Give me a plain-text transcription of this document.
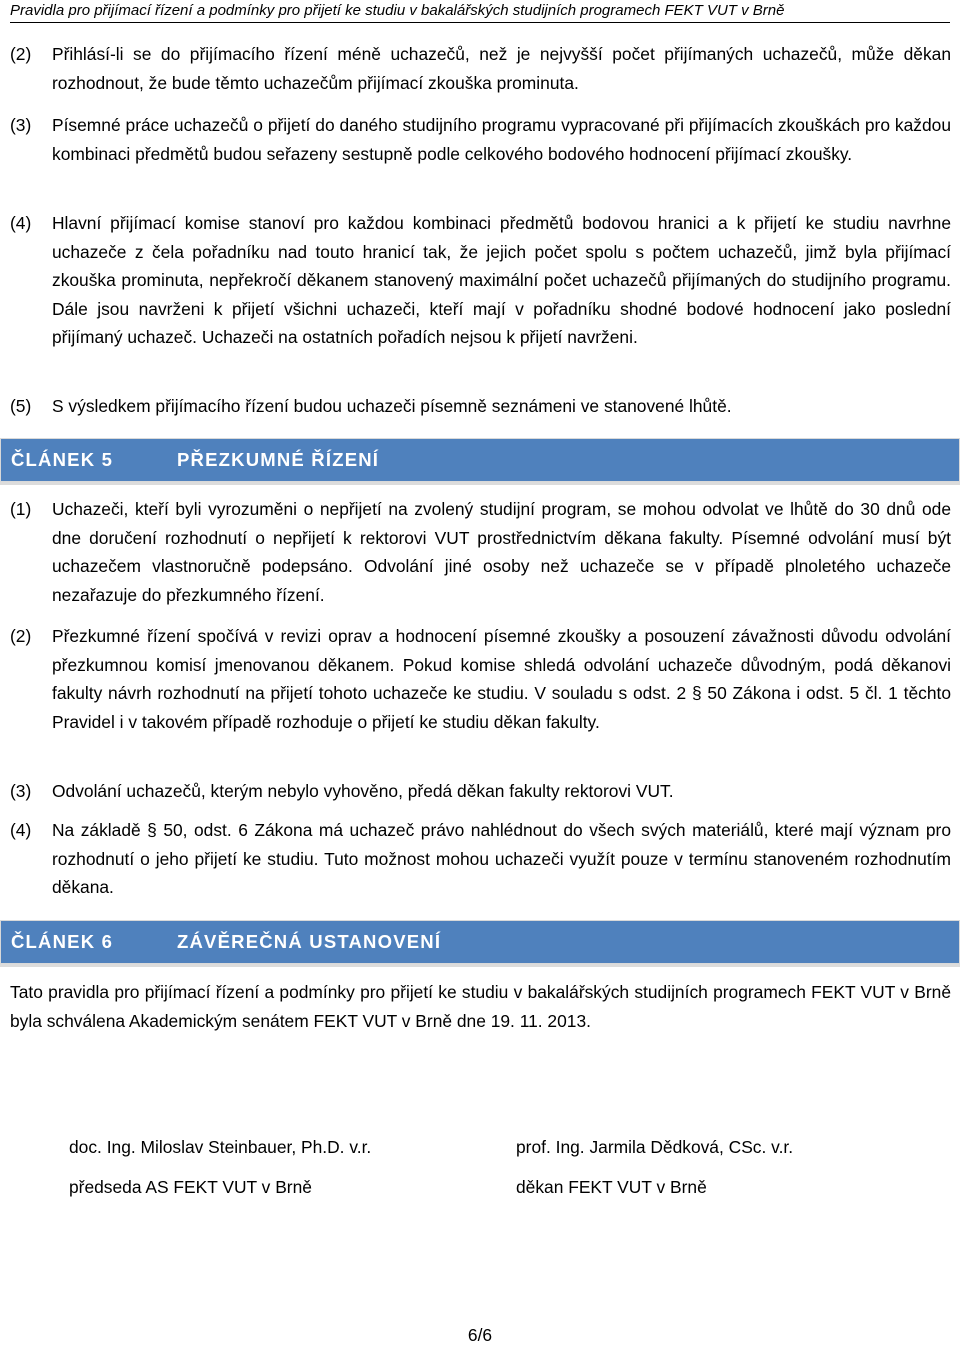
Pravidla pro přijímací řízení a podmínky pro přijetí ke studiu v bakalářských studijních programech FEKT VUT v Brně
(2) Přihlásí-li se do přijímacího řízení méně uchazečů, než je nejvyšší počet přijímaných uchazečů, může děkan rozhodnout, že bude těmto uchazečům přijímací zkouška prominuta.
(3) Písemné práce uchazečů o přijetí do daného studijního programu vypracované při přijímacích zkouškách pro každou kombinaci předmětů budou seřazeny sestupně podle celkového bodového hodnocení přijímací zkoušky.
(4) Hlavní přijímací komise stanoví pro každou kombinaci předmětů bodovou hranici a k přijetí ke studiu navrhne uchazeče z čela pořadníku nad touto hranicí tak, že jejich počet spolu s počtem uchazečů, jimž byla přijímací zkouška prominuta, nepřekročí děkanem stanovený maximální počet uchazečů přijímaných do studijního programu. Dále jsou navrženi k přijetí všichni uchazeči, kteří mají v pořadníku shodné bodové hodnocení jako poslední přijímaný uchazeč. Uchazeči na ostatních pořadích nejsou k přijetí navrženi.
(5) S výsledkem přijímacího řízení budou uchazeči písemně seznámeni ve stanovené lhůtě.
ČLÁNEK 5	PŘEZKUMNÉ ŘÍZENÍ
(1) Uchazeči, kteří byli vyrozuměni o nepřijetí na zvolený studijní program, se mohou odvolat ve lhůtě do 30 dnů ode dne doručení rozhodnutí o nepřijetí k rektorovi VUT prostřednictvím děkana fakulty. Písemné odvolání musí být uchazečem vlastnoručně podepsáno. Odvolání jiné osoby než uchazeče se v případě plnoletého uchazeče nezařazuje do přezkumného řízení.
(2) Přezkumné řízení spočívá v revizi oprav a hodnocení písemné zkoušky a posouzení závažnosti důvodu odvolání přezkumnou komisí jmenovanou děkanem. Pokud komise shledá odvolání uchazeče důvodným, podá děkanovi fakulty návrh rozhodnutí na přijetí tohoto uchazeče ke studiu. V souladu s odst. 2 § 50 Zákona i odst. 5 čl. 1 těchto Pravidel i v takovém případě rozhoduje o přijetí ke studiu děkan fakulty.
(3) Odvolání uchazečů, kterým nebylo vyhověno, předá děkan fakulty rektorovi VUT.
(4) Na základě § 50, odst. 6 Zákona má uchazeč právo nahlédnout do všech svých materiálů, které mají význam pro rozhodnutí o jeho přijetí ke studiu. Tuto možnost mohou uchazeči využít pouze v termínu stanoveném rozhodnutím děkana.
ČLÁNEK 6	ZÁVĚREČNÁ USTANOVENÍ
Tato pravidla pro přijímací řízení a podmínky pro přijetí ke studiu v bakalářských studijních programech FEKT VUT v Brně byla schválena Akademickým senátem FEKT VUT v Brně dne 19. 11. 2013.
doc. Ing. Miloslav Steinbauer, Ph.D. v.r.
předseda AS FEKT VUT v Brně
prof. Ing. Jarmila Dědková, CSc. v.r.
děkan FEKT VUT v Brně
6/6
